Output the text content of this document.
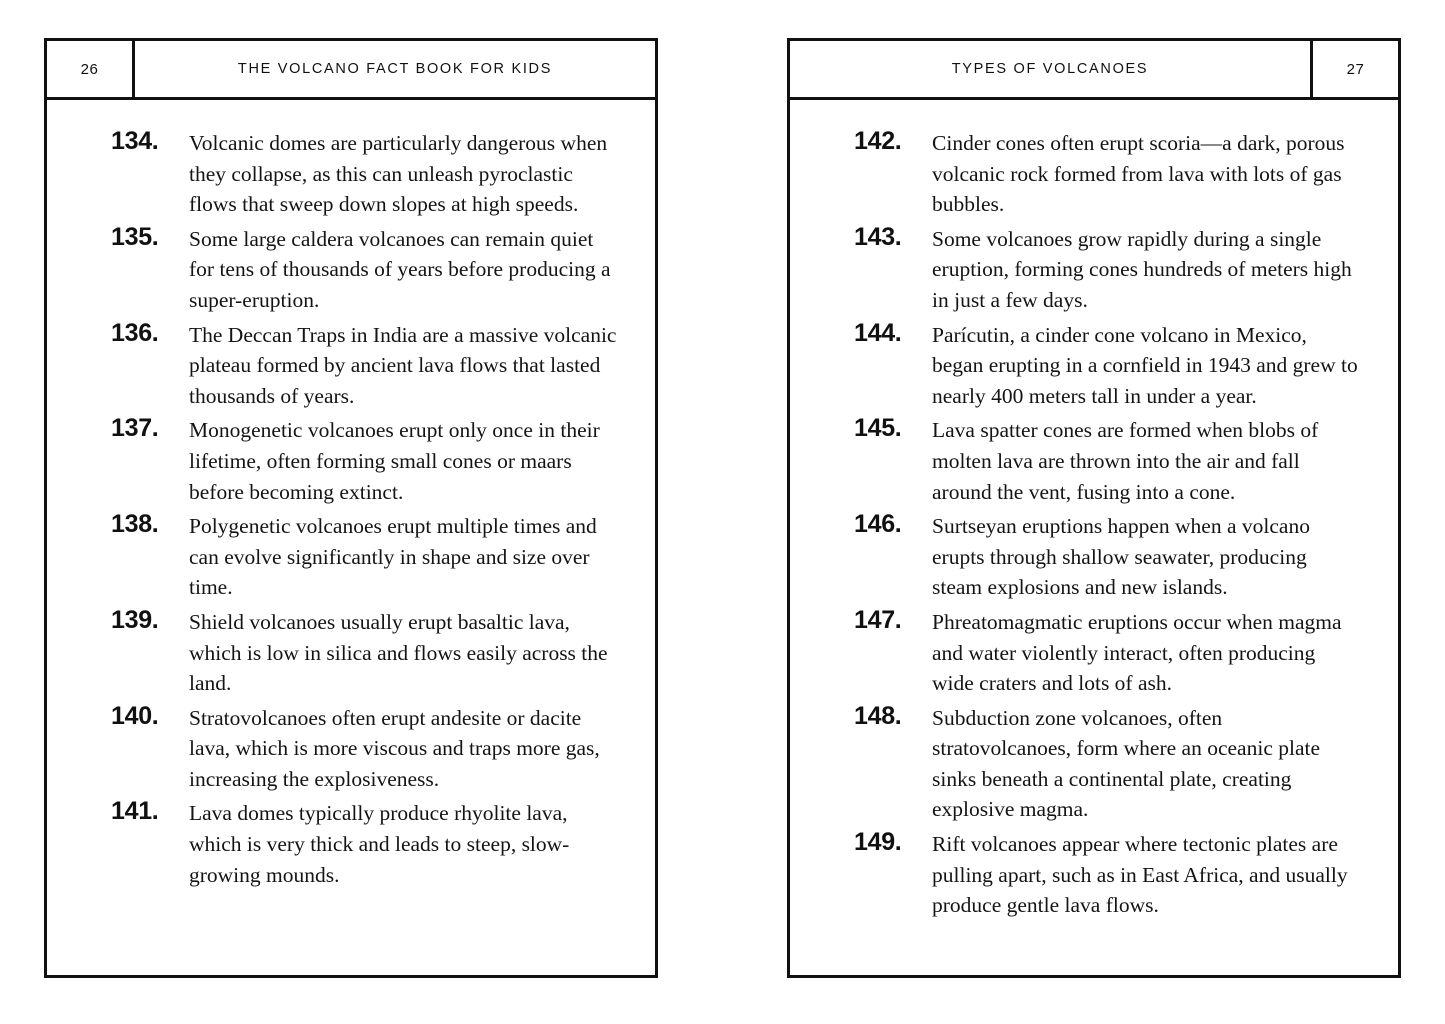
26	THE VOLCANO FACT BOOK FOR KIDS
134.	Volcanic domes are particularly dangerous when they collapse, as this can unleash pyroclastic flows that sweep down slopes at high speeds.
135.	Some large caldera volcanoes can remain quiet for tens of thousands of years before producing a super-eruption.
136.	The Deccan Traps in India are a massive volcanic plateau formed by ancient lava flows that lasted thousands of years.
137.	Monogenetic volcanoes erupt only once in their lifetime, often forming small cones or maars before becoming extinct.
138.	Polygenetic volcanoes erupt multiple times and can evolve significantly in shape and size over time.
139.	Shield volcanoes usually erupt basaltic lava, which is low in silica and flows easily across the land.
140.	Stratovolcanoes often erupt andesite or dacite lava, which is more viscous and traps more gas, increasing the explosiveness.
141.	Lava domes typically produce rhyolite lava, which is very thick and leads to steep, slow-growing mounds.
TYPES OF VOLCANOES	27
142.	Cinder cones often erupt scoria—a dark, porous volcanic rock formed from lava with lots of gas bubbles.
143.	Some volcanoes grow rapidly during a single eruption, forming cones hundreds of meters high in just a few days.
144.	Parícutin, a cinder cone volcano in Mexico, began erupting in a cornfield in 1943 and grew to nearly 400 meters tall in under a year.
145.	Lava spatter cones are formed when blobs of molten lava are thrown into the air and fall around the vent, fusing into a cone.
146.	Surtseyan eruptions happen when a volcano erupts through shallow seawater, producing steam explosions and new islands.
147.	Phreatomagmatic eruptions occur when magma and water violently interact, often producing wide craters and lots of ash.
148.	Subduction zone volcanoes, often stratovolcanoes, form where an oceanic plate sinks beneath a continental plate, creating explosive magma.
149.	Rift volcanoes appear where tectonic plates are pulling apart, such as in East Africa, and usually produce gentle lava flows.
